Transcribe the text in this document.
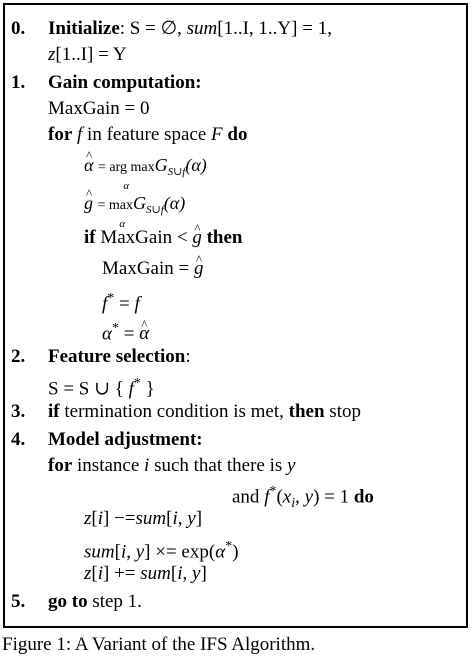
0. Initialize: S = ∅, sum[1..I, 1..Y] = 1,
z[1..I] = Y
1. Gain computation:
MaxGain = 0
for f in feature space F do
^ α = arg max
α
$G_{S\cup f}(\alpha)$
^ g = max
α
$G_{S\cup f}(\alpha)$
if MaxGain < ^ g then
MaxGain = ^ g
f* = f
α* = ^ α
2. Feature selection:
S = S ∪ { f* }
3. if termination condition is met, then stop
4. Model adjustment:
for instance i such that there is y
and $f^*(x_i$, y) = 1 do
z[i] −=sum[i, y]
sum[i, y] ×= exp(α*)
z[i] += sum[i, y]
5. go to step 1.
Figure 1: A Variant of the IFS Algorithm.
